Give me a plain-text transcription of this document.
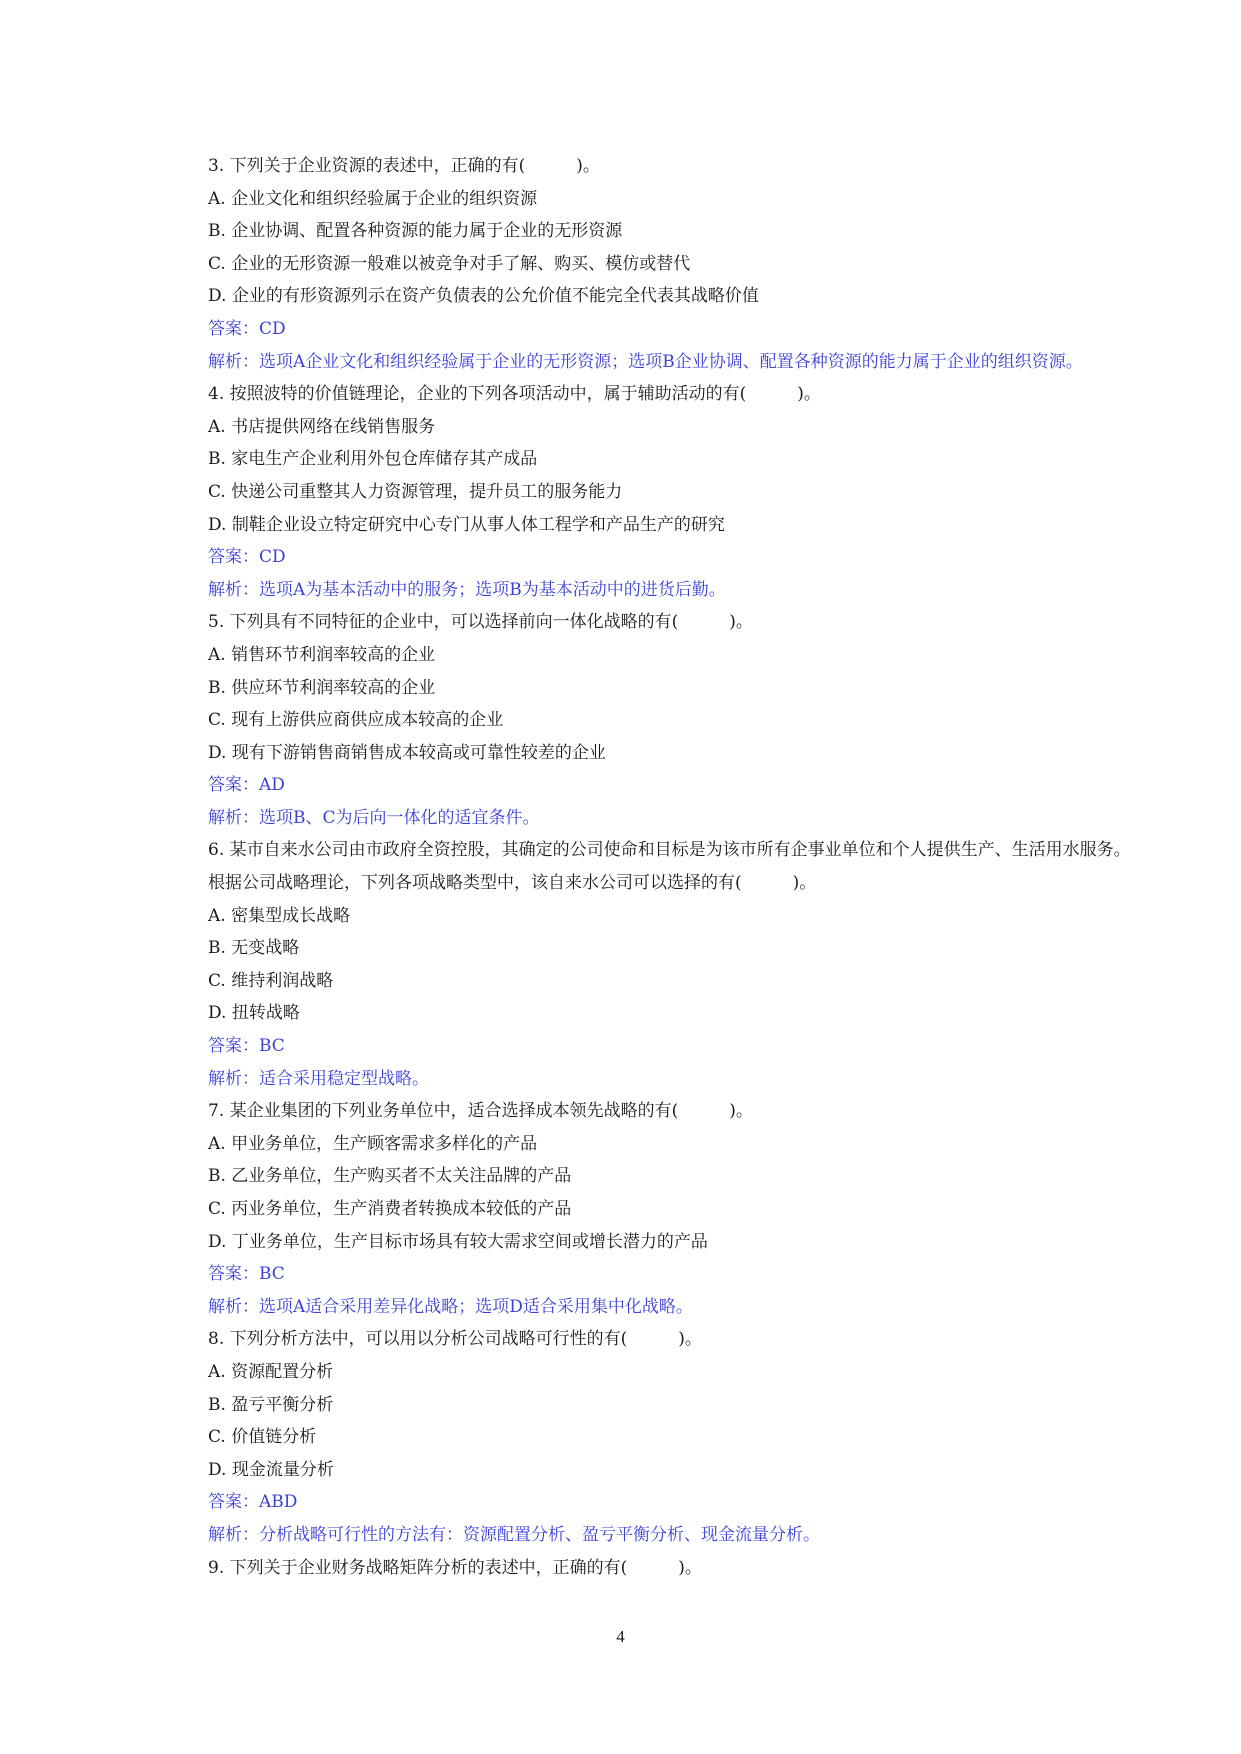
3. 下列关于企业资源的表述中，正确的有(　　　)。

A. 企业文化和组织经验属于企业的组织资源

B. 企业协调、配置各种资源的能力属于企业的无形资源

C. 企业的无形资源一般难以被竞争对手了解、购买、模仿或替代

D. 企业的有形资源列示在资产负债表的公允价值不能完全代表其战略价值

答案：CD

解析：选项A企业文化和组织经验属于企业的无形资源；选项B企业协调、配置各种资源的能力属于企业的组织资源。

4. 按照波特的价值链理论，企业的下列各项活动中，属于辅助活动的有(　　　)。

A. 书店提供网络在线销售服务

B. 家电生产企业利用外包仓库储存其产成品

C. 快递公司重整其人力资源管理，提升员工的服务能力

D. 制鞋企业设立特定研究中心专门从事人体工程学和产品生产的研究

答案：CD

解析：选项A为基本活动中的服务；选项B为基本活动中的进货后勤。

5. 下列具有不同特征的企业中，可以选择前向一体化战略的有(　　　)。

A. 销售环节利润率较高的企业

B. 供应环节利润率较高的企业

C. 现有上游供应商供应成本较高的企业

D. 现有下游销售商销售成本较高或可靠性较差的企业

答案：AD

解析：选项B、C为后向一体化的适宜条件。

6. 某市自来水公司由市政府全资控股，其确定的公司使命和目标是为该市所有企事业单位和个人提供生产、生活用水服务。根据公司战略理论，下列各项战略类型中，该自来水公司可以选择的有(　　　)。

A. 密集型成长战略

B. 无变战略

C. 维持利润战略

D. 扭转战略

答案：BC

解析：适合采用稳定型战略。

7. 某企业集团的下列业务单位中，适合选择成本领先战略的有(　　　)。

A. 甲业务单位，生产顾客需求多样化的产品

B. 乙业务单位，生产购买者不太关注品牌的产品

C. 丙业务单位，生产消费者转换成本较低的产品

D. 丁业务单位，生产目标市场具有较大需求空间或增长潜力的产品

答案：BC

解析：选项A适合采用差异化战略；选项D适合采用集中化战略。

8. 下列分析方法中，可以用以分析公司战略可行性的有(　　　)。

A. 资源配置分析

B. 盈亏平衡分析

C. 价值链分析

D. 现金流量分析

答案：ABD

解析：分析战略可行性的方法有：资源配置分析、盈亏平衡分析、现金流量分析。

9. 下列关于企业财务战略矩阵分析的表述中，正确的有(　　　)。

4
